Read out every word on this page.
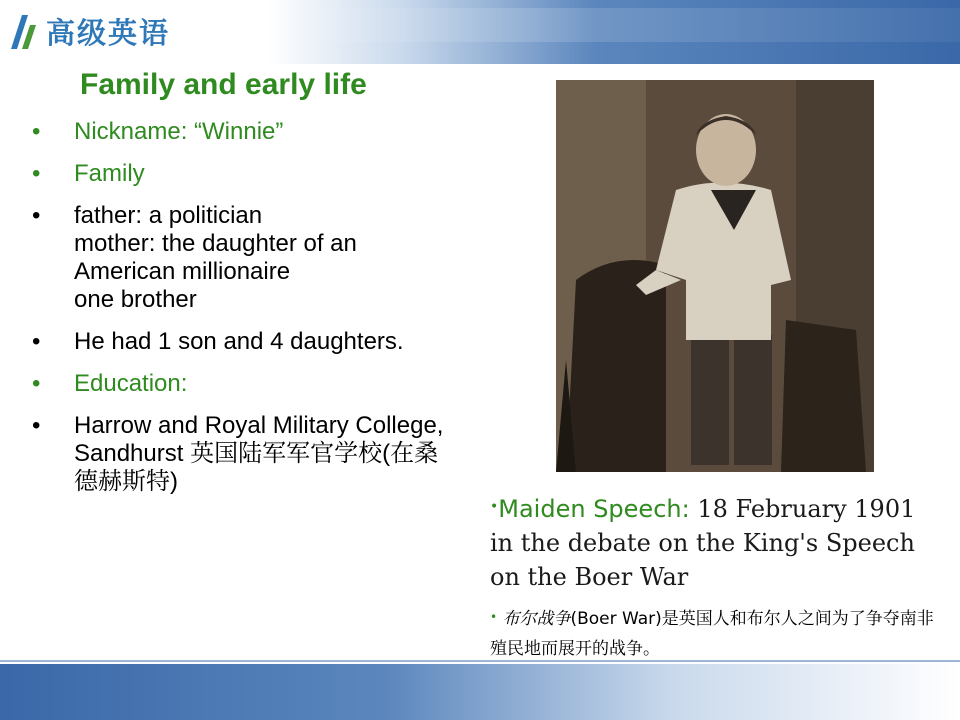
高级英语
Family and early life
• Nickname: “Winnie”
• Family
• father: a politician
mother: the daughter of an American millionaire
one brother
• He had 1 son and 4 daughters.
• Education:
• Harrow and Royal Military College, Sandhurst 英国陆军军官学校(在桑德赫斯特)

•Maiden Speech: 18 February 1901 in the debate on the King's Speech on the Boer War

• 布尔战争(Boer War)是英国人和布尔人之间为了争夺南非殖民地而展开的战争。
